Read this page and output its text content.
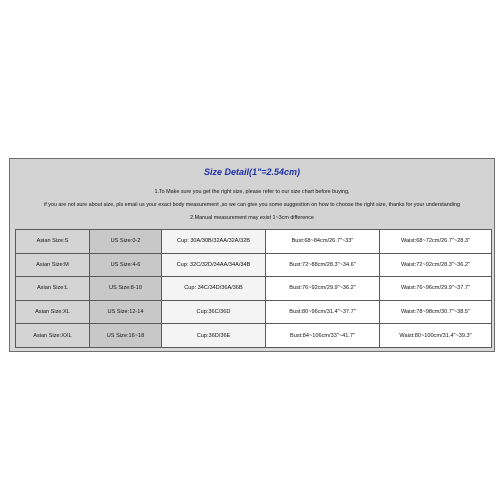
Size Detail(1"=2.54cm)
1.To Make sure you get the right size, please refer to our size chart before buying,
if you are not sure about size, pls email us your exact body measurement ,so we can give you some suggestion on how to choose the right size, thanks for your understanding
2.Manual measurement may exist 1~3cm difference
Asian Size:S	US Size:0-2	Cup: 30A/30B/32AA/32A/32B	Bust:68~84cm/26.7"~33"	Waist:68~72cm/26.7"~28.3"
Asian Size:M	US Size:4-6	Cup: 32C/32D/34AA/34A/34B	Bust:72~88cm/28.3"~34.6"	Waist:72~92cm/28.3"~36.2"
Asian Size:L	US Size:8-10	Cup: 34C/34D/36A/36B	Bust:76~92cm/29.9"~36.2"	Waist:76~96cm/29.9"~37.7"
Asian Size:XL	US Size:12-14	Cup:36C/36D	Bust:80~96cm/31.4"~37.7"	Waist:78~98cm/30.7"~38.5"
Asian Size:XXL	US Size:16~18	Cup:36D/36E	Bust:84~106cm/33"~41.7"	Waist:80~100cm/31.4"~39.3"
